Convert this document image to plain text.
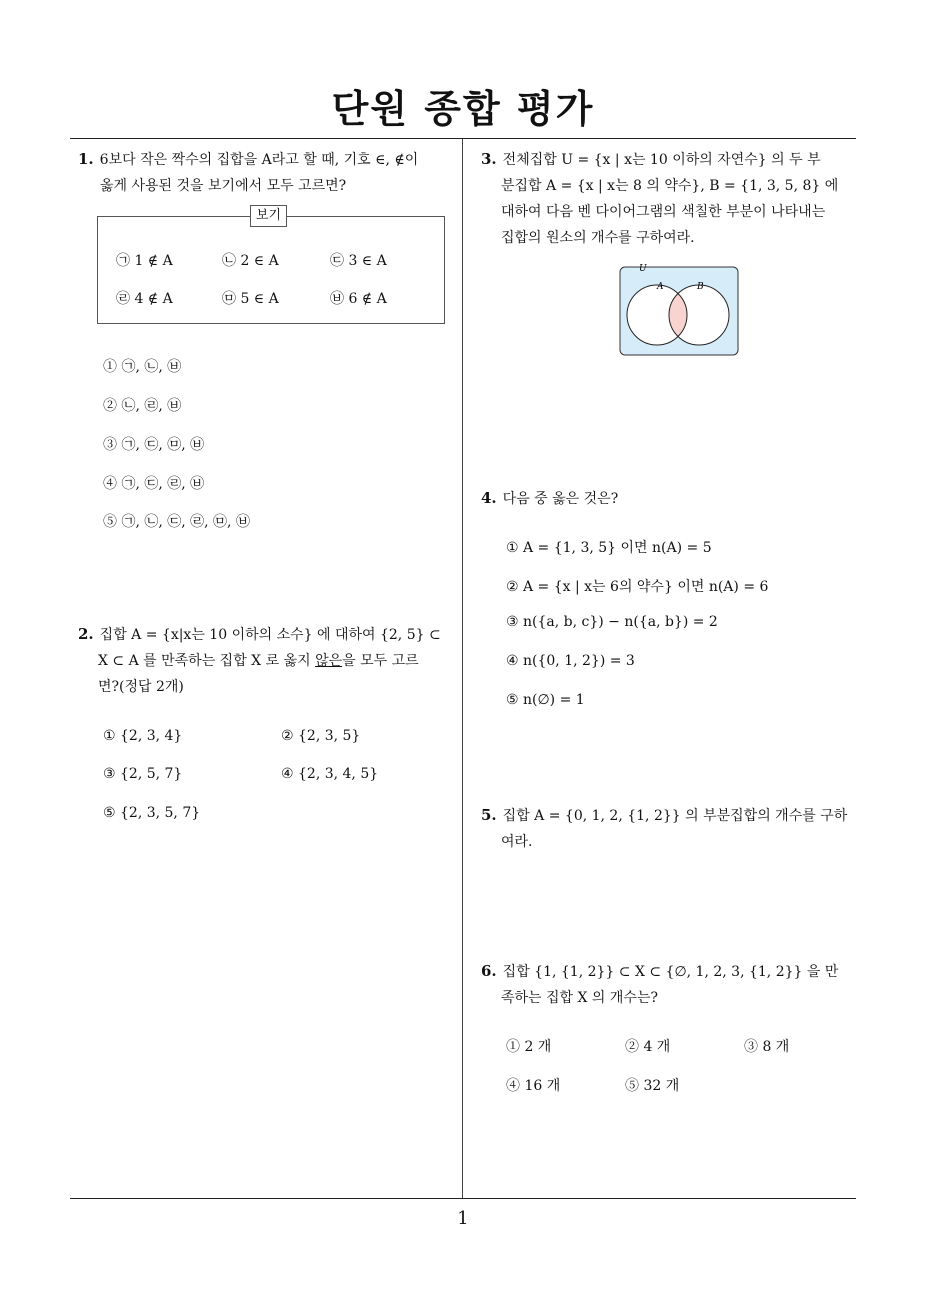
단원 종합 평가
1
1. 6보다 작은 짝수의 집합을 A라고 할 때, 기호 ∈, ∉이
옳게 사용된 것을 보기에서 모두 고르면?
보기
㉠ 1 ∉ A	㉡ 2 ∈ A	㉢ 3 ∈ A
㉣ 4 ∉ A	㉤ 5 ∈ A	㉥ 6 ∉ A
① ㉠, ㉡, ㉥
② ㉡, ㉣, ㉥
③ ㉠, ㉢, ㉤, ㉥
④ ㉠, ㉢, ㉣, ㉥
⑤ ㉠, ㉡, ㉢, ㉣, ㉤, ㉥
2. 집합 A = {x|x는 10 이하의 소수} 에 대하여 {2, 5} ⊂
X ⊂ A 를 만족하는 집합 X 로 옳지 않은을 모두 고르
면?(정답 2개)
① {2, 3, 4}	② {2, 3, 5}
③ {2, 5, 7}	④ {2, 3, 4, 5}
⑤ {2, 3, 5, 7}
3. 전체집합 U = {x | x는 10 이하의 자연수} 의 두 부
분집합 A = {x | x는 8 의 약수}, B = {1, 3, 5, 8} 에
대하여 다음 벤 다이어그램의 색칠한 부분이 나타내는
집합의 원소의 개수를 구하여라.
U
A	B
4. 다음 중 옳은 것은?
① A = {1, 3, 5} 이면 n(A) = 5
② A = {x | x는 6의 약수} 이면 n(A) = 6
③ n({a, b, c}) − n({a, b}) = 2
④ n({0, 1, 2}) = 3
⑤ n(∅) = 1
5. 집합 A = {0, 1, 2, {1, 2}} 의 부분집합의 개수를 구하
여라.
6. 집합 {1, {1, 2}} ⊂ X ⊂ {∅, 1, 2, 3, {1, 2}} 을 만
족하는 집합 X 의 개수는?
① 2 개	② 4 개	③ 8 개
④ 16 개	⑤ 32 개
